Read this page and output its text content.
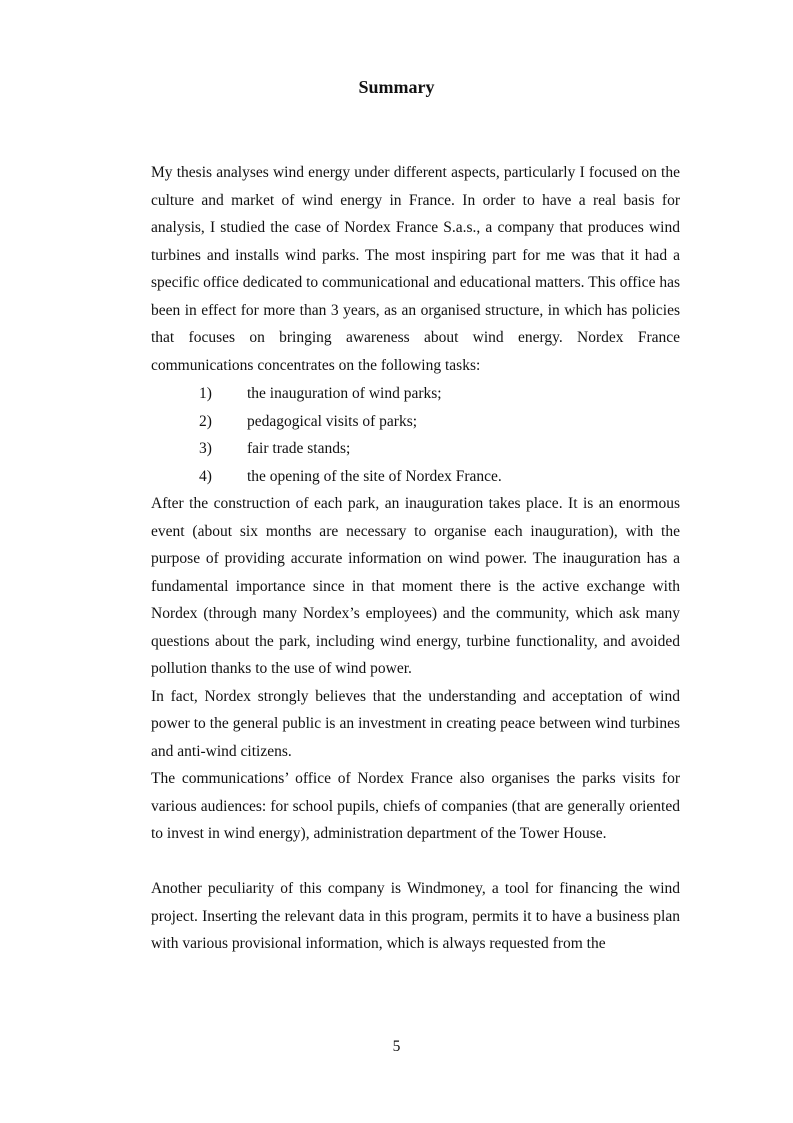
Summary

My thesis analyses wind energy under different aspects, particularly I focused on the culture and market of wind energy in France. In order to have a real basis for analysis, I studied the case of Nordex France S.a.s., a company that produces wind turbines and installs wind parks. The most inspiring part for me was that it had a specific office dedicated to communicational and educational matters. This office has been in effect for more than 3 years, as an organised structure, in which has policies that focuses on bringing awareness about wind energy. Nordex France communications concentrates on the following tasks:

1) the inauguration of wind parks;
2) pedagogical visits of parks;
3) fair trade stands;
4) the opening of the site of Nordex France.

After the construction of each park, an inauguration takes place. It is an enormous event (about six months are necessary to organise each inauguration), with the purpose of providing accurate information on wind power. The inauguration has a fundamental importance since in that moment there is the active exchange with Nordex (through many Nordex’s employees) and the community, which ask many questions about the park, including wind energy, turbine functionality, and avoided pollution thanks to the use of wind power.

In fact, Nordex strongly believes that the understanding and acceptation of wind power to the general public is an investment in creating peace between wind turbines and anti-wind citizens.

The communications’ office of Nordex France also organises the parks visits for various audiences: for school pupils, chiefs of companies (that are generally oriented to invest in wind energy), administration department of the Tower House.

Another peculiarity of this company is Windmoney, a tool for financing the wind project. Inserting the relevant data in this program, permits it to have a business plan with various provisional information, which is always requested from the

5
